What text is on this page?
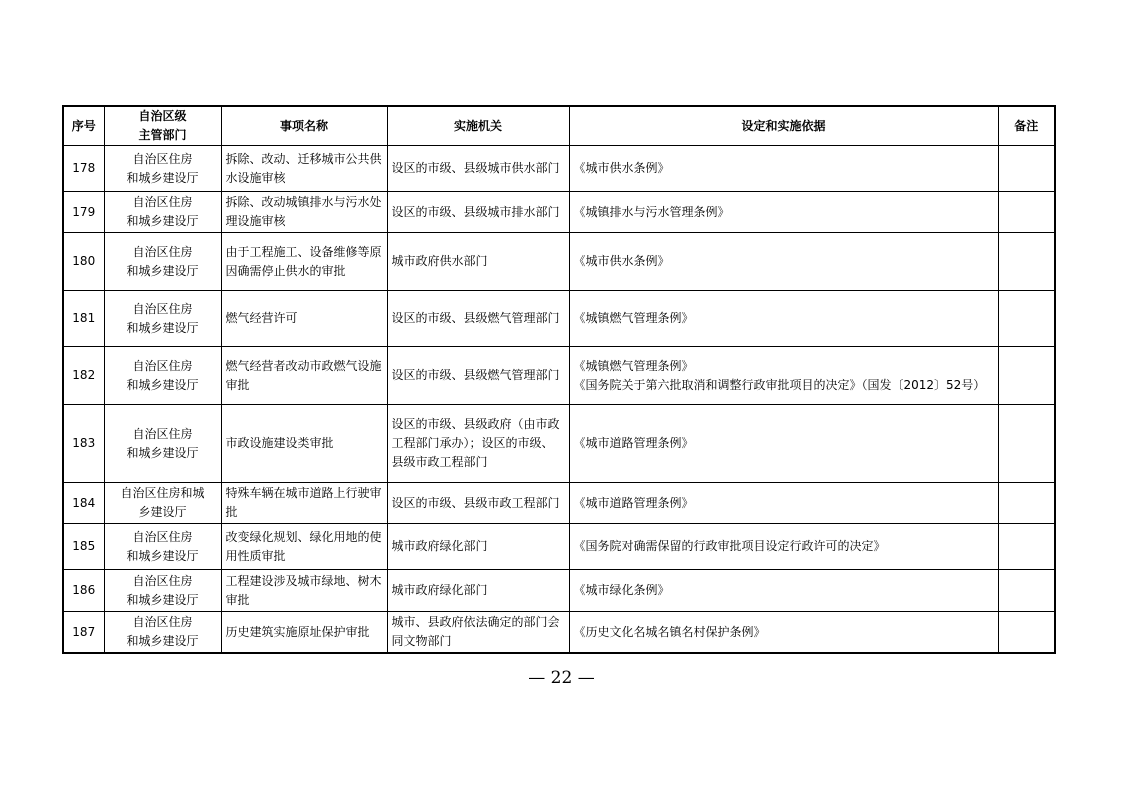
序号	自治区级
主管部门	事项名称	实施机关	设定和实施依据	备注

178	自治区住房
和城乡建设厅	拆除、改动、迁移城市公共供水设施审核	设区的市级、县级城市供水部门	《城市供水条例》	

179	自治区住房
和城乡建设厅	拆除、改动城镇排水与污水处理设施审核	设区的市级、县级城市排水部门	《城镇排水与污水管理条例》	

180	自治区住房
和城乡建设厅	由于工程施工、设备维修等原因确需停止供水的审批	城市政府供水部门	《城市供水条例》	

181	自治区住房
和城乡建设厅	燃气经营许可	设区的市级、县级燃气管理部门	《城镇燃气管理条例》	

182	自治区住房
和城乡建设厅	燃气经营者改动市政燃气设施审批	设区的市级、县级燃气管理部门	《城镇燃气管理条例》
《国务院关于第六批取消和调整行政审批项目的决定》（国发〔2012〕52号）	

183	自治区住房
和城乡建设厅	市政设施建设类审批	设区的市级、县级政府（由市政工程部门承办）；设区的市级、县级市政工程部门	《城市道路管理条例》	

184	自治区住房和城
乡建设厅	特殊车辆在城市道路上行驶审批	设区的市级、县级市政工程部门	《城市道路管理条例》	

185	自治区住房
和城乡建设厅	改变绿化规划、绿化用地的使用性质审批	城市政府绿化部门	《国务院对确需保留的行政审批项目设定行政许可的决定》	

186	自治区住房
和城乡建设厅	工程建设涉及城市绿地、树木审批	城市政府绿化部门	《城市绿化条例》	

187	自治区住房
和城乡建设厅	历史建筑实施原址保护审批	城市、县政府依法确定的部门会同文物部门	《历史文化名城名镇名村保护条例》	

— 22 —
